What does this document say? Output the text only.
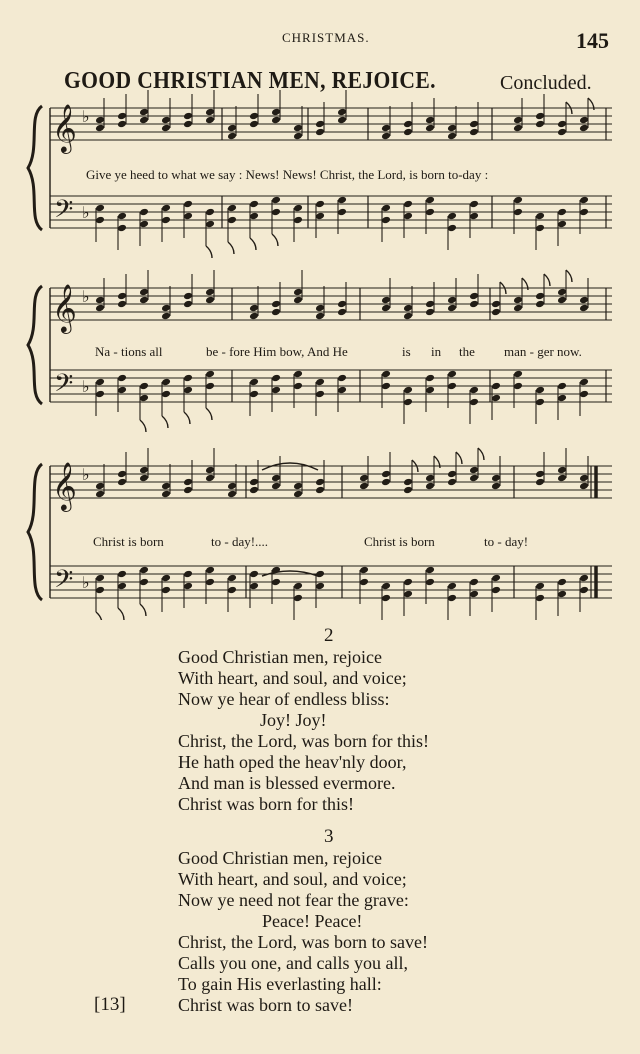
CHRISTMAS.	145
GOOD CHRISTIAN MEN, REJOICE.	Concluded.
𝄞 ♭
𝄢 ♭
𝄞 ♭
𝄢 ♭
𝄞 ♭
𝄢 ♭
Give ye heed to what we say : News! News! Christ, the Lord, is born to-day :
Na - tions all	be - fore Him bow, And He	is in the man - ger now.
Christ is born	to - day!....	Christ is born	to - day!
2
Good Christian men, rejoice
With heart, and soul, and voice;
Now ye hear of endless bliss:
Joy! Joy!
Christ, the Lord, was born for this!
He hath oped the heav'nly door,
And man is blessed evermore.
Christ was born for this!
3
Good Christian men, rejoice
With heart, and soul, and voice;
Now ye need not fear the grave:
Peace! Peace!
Christ, the Lord, was born to save!
Calls you one, and calls you all,
To gain His everlasting hall:
Christ was born to save!
[13]
